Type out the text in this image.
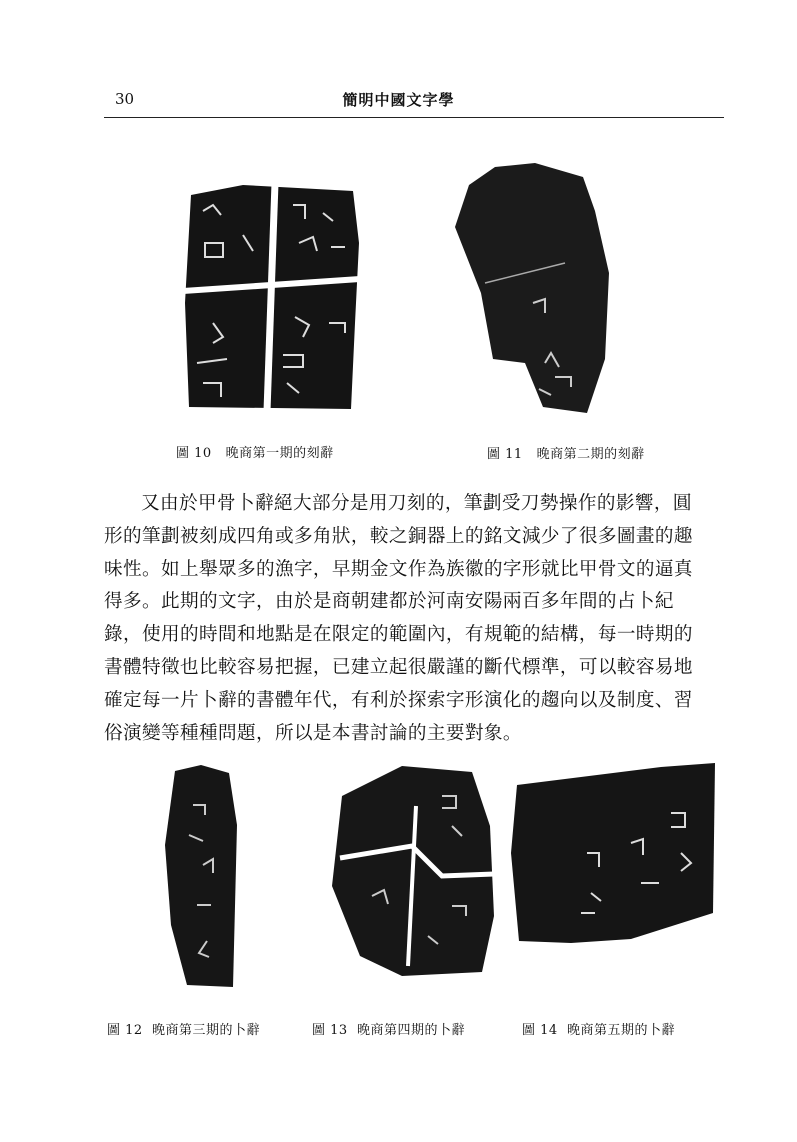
30	簡明中國文字學
圖 10 晚商第一期的刻辭	圖 11 晚商第二期的刻辭
又由於甲骨卜辭絕大部分是用刀刻的，筆劃受刀勢操作的影響，圓
形的筆劃被刻成四角或多角狀，較之銅器上的銘文減少了很多圖畫的趣
味性。如上舉眾多的漁字，早期金文作為族徽的字形就比甲骨文的逼真
得多。此期的文字，由於是商朝建都於河南安陽兩百多年間的占卜紀
錄，使用的時間和地點是在限定的範圍內，有規範的結構，每一時期的
書體特徵也比較容易把握，已建立起很嚴謹的斷代標準，可以較容易地
確定每一片卜辭的書體年代，有利於探索字形演化的趨向以及制度、習
俗演變等種種問題，所以是本書討論的主要對象。
圖 12 晚商第三期的卜辭	圖 13 晚商第四期的卜辭	圖 14 晚商第五期的卜辭
